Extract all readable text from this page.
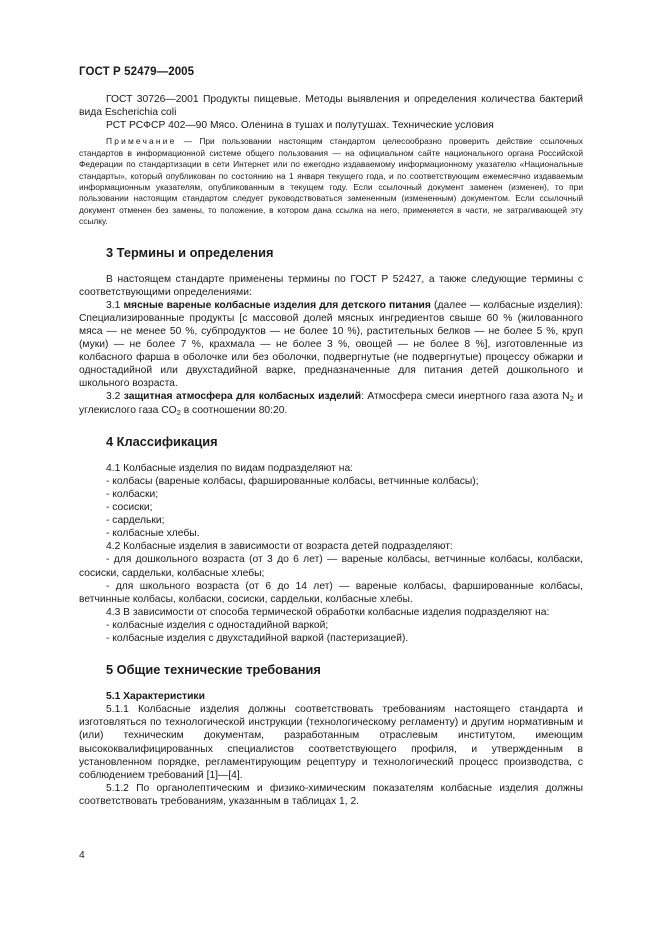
ГОСТ Р 52479—2005

ГОСТ 30726—2001 Продукты пищевые. Методы выявления и определения количества бактерий вида Escherichia coli

РСТ РСФСР 402—90 Мясо. Оленина в тушах и полутушах. Технические условия

Примечание — При пользовании настоящим стандартом целесообразно проверить действие ссылочных стандартов в информационной системе общего пользования — на официальном сайте национального органа Российской Федерации по стандартизации в сети Интернет или по ежегодно издаваемому информационному указателю «Национальные стандарты», который опубликован по состоянию на 1 января текущего года, и по соответствующим ежемесячно издаваемым информационным указателям, опубликованным в текущем году. Если ссылочный документ заменен (изменен), то при пользовании настоящим стандартом следует руководствоваться замененным (измененным) документом. Если ссылочный документ отменен без замены, то положение, в котором дана ссылка на него, применяется в части, не затрагивающей эту ссылку.

3 Термины и определения

В настоящем стандарте применены термины по ГОСТ Р 52427, а также следующие термины с соответствующими определениями:

3.1 мясные вареные колбасные изделия для детского питания (далее — колбасные изделия): Специализированные продукты [с массовой долей мясных ингредиентов свыше 60 % (жилованного мяса — не менее 50 %, субпродуктов — не более 10 %), растительных белков — не более 5 %, круп (муки) — не более 7 %, крахмала — не более 3 %, овощей — не более 8 %], изготовленные из колбасного фарша в оболочке или без оболочки, подвергнутые (не подвергнутые) процессу обжарки и одностадийной или двухстадийной варке, предназначенные для питания детей дошкольного и школьного возраста.

3.2 защитная атмосфера для колбасных изделий: Атмосфера смеси инертного газа азота $N_2$ и углекислого газа $CO_2$ в соотношении 80:20.

4 Классификация

4.1 Колбасные изделия по видам подразделяют на:

- колбасы (вареные колбасы, фаршированные колбасы, ветчинные колбасы);

- колбаски;

- сосиски;

- сардельки;

- колбасные хлебы.

4.2 Колбасные изделия в зависимости от возраста детей подразделяют:

- для дошкольного возраста (от 3 до 6 лет) — вареные колбасы, ветчинные колбасы, колбаски, сосиски, сардельки, колбасные хлебы;

- для школьного возраста (от 6 до 14 лет) — вареные колбасы, фаршированные колбасы, ветчинные колбасы, колбаски, сосиски, сардельки, колбасные хлебы.

4.3 В зависимости от способа термической обработки колбасные изделия подразделяют на:

- колбасные изделия с одностадийной варкой;

- колбасные изделия с двухстадийной варкой (пастеризацией).

5 Общие технические требования
5.1 Характеристики

5.1.1 Колбасные изделия должны соответствовать требованиям настоящего стандарта и изготовляться по технологической инструкции (технологическому регламенту) и другим нормативным и (или) техническим документам, разработанным отраслевым институтом, имеющим высококвалифицированных специалистов соответствующего профиля, и утвержденным в установленном порядке, регламентирующим рецептуру и технологический процесс производства, с соблюдением требований [1]—[4].

5.1.2 По органолептическим и физико-химическим показателям колбасные изделия должны соответствовать требованиям, указанным в таблицах 1, 2.

4
